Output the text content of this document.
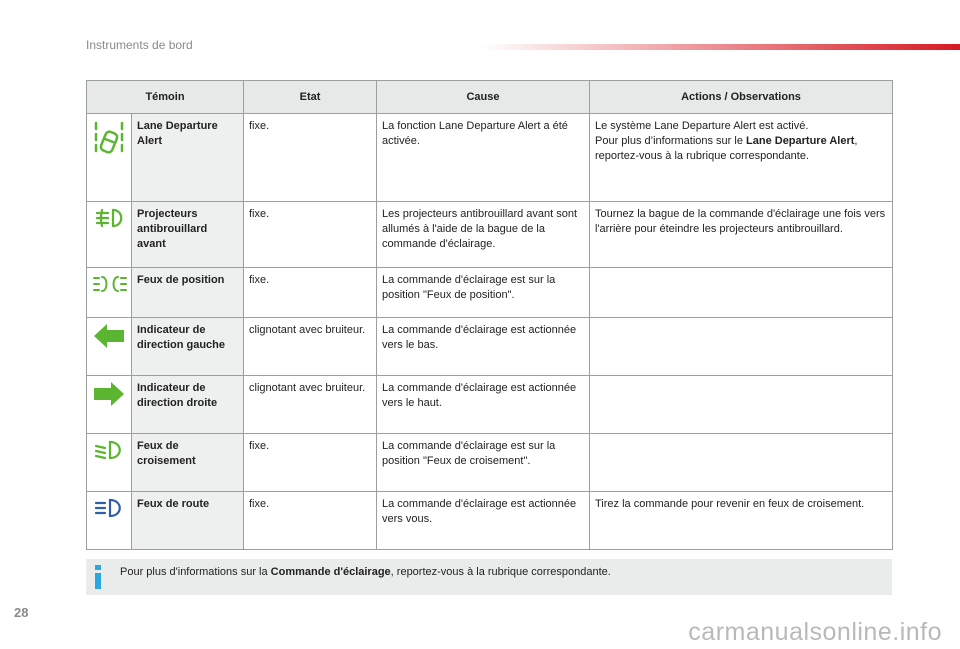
Instruments de bord
Témoin		Etat	Cause	Actions / Observations
	Lane Departure Alert	fixe.	La fonction Lane Departure Alert a été activée.	Le système Lane Departure Alert est activé.
Pour plus d’informations sur le Lane Departure Alert, reportez-vous à la rubrique correspondante.
	Projecteurs antibrouillard avant	fixe.	Les projecteurs antibrouillard avant sont allumés à l'aide de la bague de la commande d'éclairage.	Tournez la bague de la commande d'éclairage une fois vers l'arrière pour éteindre les projecteurs antibrouillard.
	Feux de position	fixe.	La commande d'éclairage est sur la position "Feux de position".	
	Indicateur de direction gauche	clignotant avec bruiteur.	La commande d'éclairage est actionnée vers le bas.	
	Indicateur de direction droite	clignotant avec bruiteur.	La commande d'éclairage est actionnée vers le haut.	
	Feux de croisement	fixe.	La commande d'éclairage est sur la position "Feux de croisement".	
	Feux de route	fixe.	La commande d'éclairage est actionnée vers vous.	Tirez la commande pour revenir en feux de croisement.
Pour plus d'informations sur la Commande d'éclairage, reportez-vous à la rubrique correspondante.
28
carmanualsonline.info
